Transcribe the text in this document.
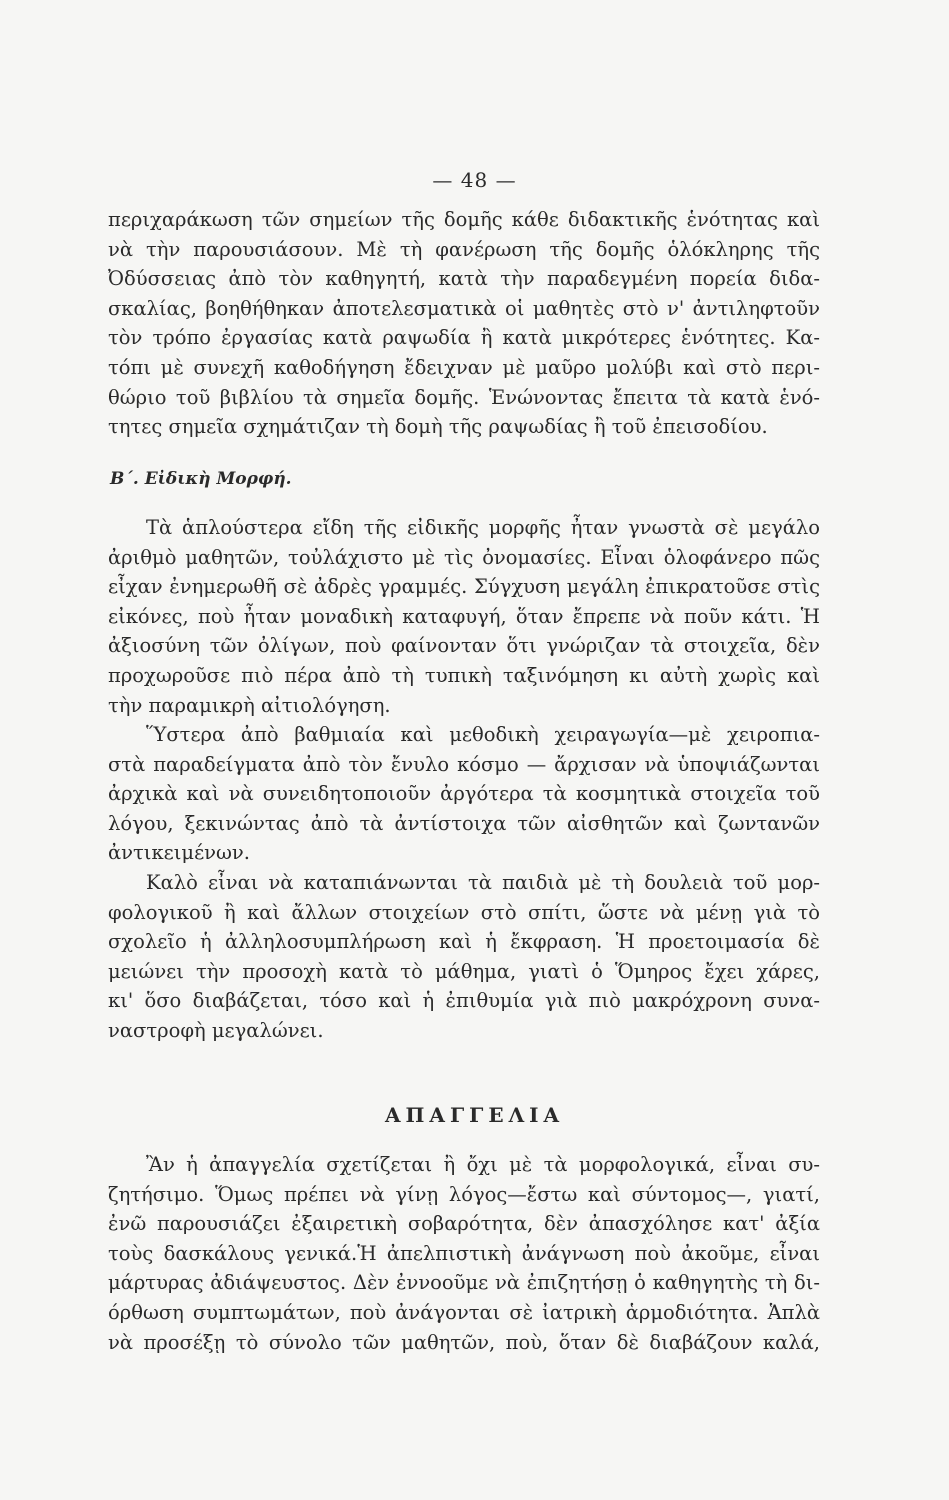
— 48 —
περιχαράκωση τῶν σημείων τῆς δομῆς κάθε διδακτικῆς ἑνότητας καὶ
νὰ τὴν παρουσιάσουν. Μὲ τὴ φανέρωση τῆς δομῆς ὁλόκληρης τῆς
Ὀδύσσειας ἀπὸ τὸν καθηγητή, κατὰ τὴν παραδεγμένη πορεία διδα-
σκαλίας, βοηθήθηκαν ἀποτελεσματικὰ οἱ μαθητὲς στὸ ν' ἀντιληφτοῦν
τὸν τρόπο ἐργασίας κατὰ ραψωδία ἢ κατὰ μικρότερες ἑνότητες. Κα-
τόπι μὲ συνεχῆ καθοδήγηση ἔδειχναν μὲ μαῦρο μολύβι καὶ στὸ περι-
θώριο τοῦ βιβλίου τὰ σημεῖα δομῆς. Ἑνώνοντας ἔπειτα τὰ κατὰ ἑνό-
τητες σημεῖα σχημάτιζαν τὴ δομὴ τῆς ραψωδίας ἢ τοῦ ἐπεισοδίου.
Β΄. Εἰδικὴ Μορφή.
Τὰ ἁπλούστερα εἴδη τῆς εἰδικῆς μορφῆς ἦταν γνωστὰ σὲ μεγάλο
ἀριθμὸ μαθητῶν, τοὐλάχιστο μὲ τὶς ὀνομασίες. Εἶναι ὁλοφάνερο πῶς
εἶχαν ἐνημερωθῆ σὲ ἀδρὲς γραμμές. Σύγχυση μεγάλη ἐπικρατοῦσε στὶς
εἰκόνες, ποὺ ἦταν μοναδικὴ καταφυγή, ὅταν ἔπρεπε νὰ ποῦν κάτι. Ἡ
ἀξιοσύνη τῶν ὀλίγων, ποὺ φαίνονταν ὅτι γνώριζαν τὰ στοιχεῖα, δὲν
προχωροῦσε πιὸ πέρα ἀπὸ τὴ τυπικὴ ταξινόμηση κι αὐτὴ χωρὶς καὶ
τὴν παραμικρὴ αἰτιολόγηση.
Ὕστερα ἀπὸ βαθμιαία καὶ μεθοδικὴ χειραγωγία—μὲ χειροπια-
στὰ παραδείγματα ἀπὸ τὸν ἔνυλο κόσμο — ἄρχισαν νὰ ὑποψιάζωνται
ἀρχικὰ καὶ νὰ συνειδητοποιοῦν ἀργότερα τὰ κοσμητικὰ στοιχεῖα τοῦ
λόγου, ξεκινώντας ἀπὸ τὰ ἀντίστοιχα τῶν αἰσθητῶν καὶ ζωντανῶν
ἀντικειμένων.
Καλὸ εἶναι νὰ καταπιάνωνται τὰ παιδιὰ μὲ τὴ δουλειὰ τοῦ μορ-
φολογικοῦ ἢ καὶ ἄλλων στοιχείων στὸ σπίτι, ὥστε νὰ μένῃ γιὰ τὸ
σχολεῖο ἡ ἀλληλοσυμπλήρωση καὶ ἡ ἔκφραση. Ἡ προετοιμασία δὲ
μειώνει τὴν προσοχὴ κατὰ τὸ μάθημα, γιατὶ ὁ Ὅμηρος ἔχει χάρες,
κι' ὅσο διαβάζεται, τόσο καὶ ἡ ἐπιθυμία γιὰ πιὸ μακρόχρονη συνα-
ναστροφὴ μεγαλώνει.
ΑΠΑΓΓΕΛΙΑ
Ἂν ἡ ἀπαγγελία σχετίζεται ἢ ὄχι μὲ τὰ μορφολογικά, εἶναι συ-
ζητήσιμο. Ὅμως πρέπει νὰ γίνῃ λόγος—ἔστω καὶ σύντομος—, γιατί,
ἐνῶ παρουσιάζει ἐξαιρετικὴ σοβαρότητα, δὲν ἀπασχόλησε κατ' ἀξία
τοὺς δασκάλους γενικά.Ἡ ἀπελπιστικὴ ἀνάγνωση ποὺ ἀκοῦμε, εἶναι
μάρτυρας ἀδιάψευστος. Δὲν ἐννοοῦμε νὰ ἐπιζητήσῃ ὁ καθηγητὴς τὴ δι-
όρθωση συμπτωμάτων, ποὺ ἀνάγονται σὲ ἰατρικὴ ἁρμοδιότητα. Ἁπλὰ
νὰ προσέξῃ τὸ σύνολο τῶν μαθητῶν, ποὺ, ὅταν δὲ διαβάζουν καλά,
